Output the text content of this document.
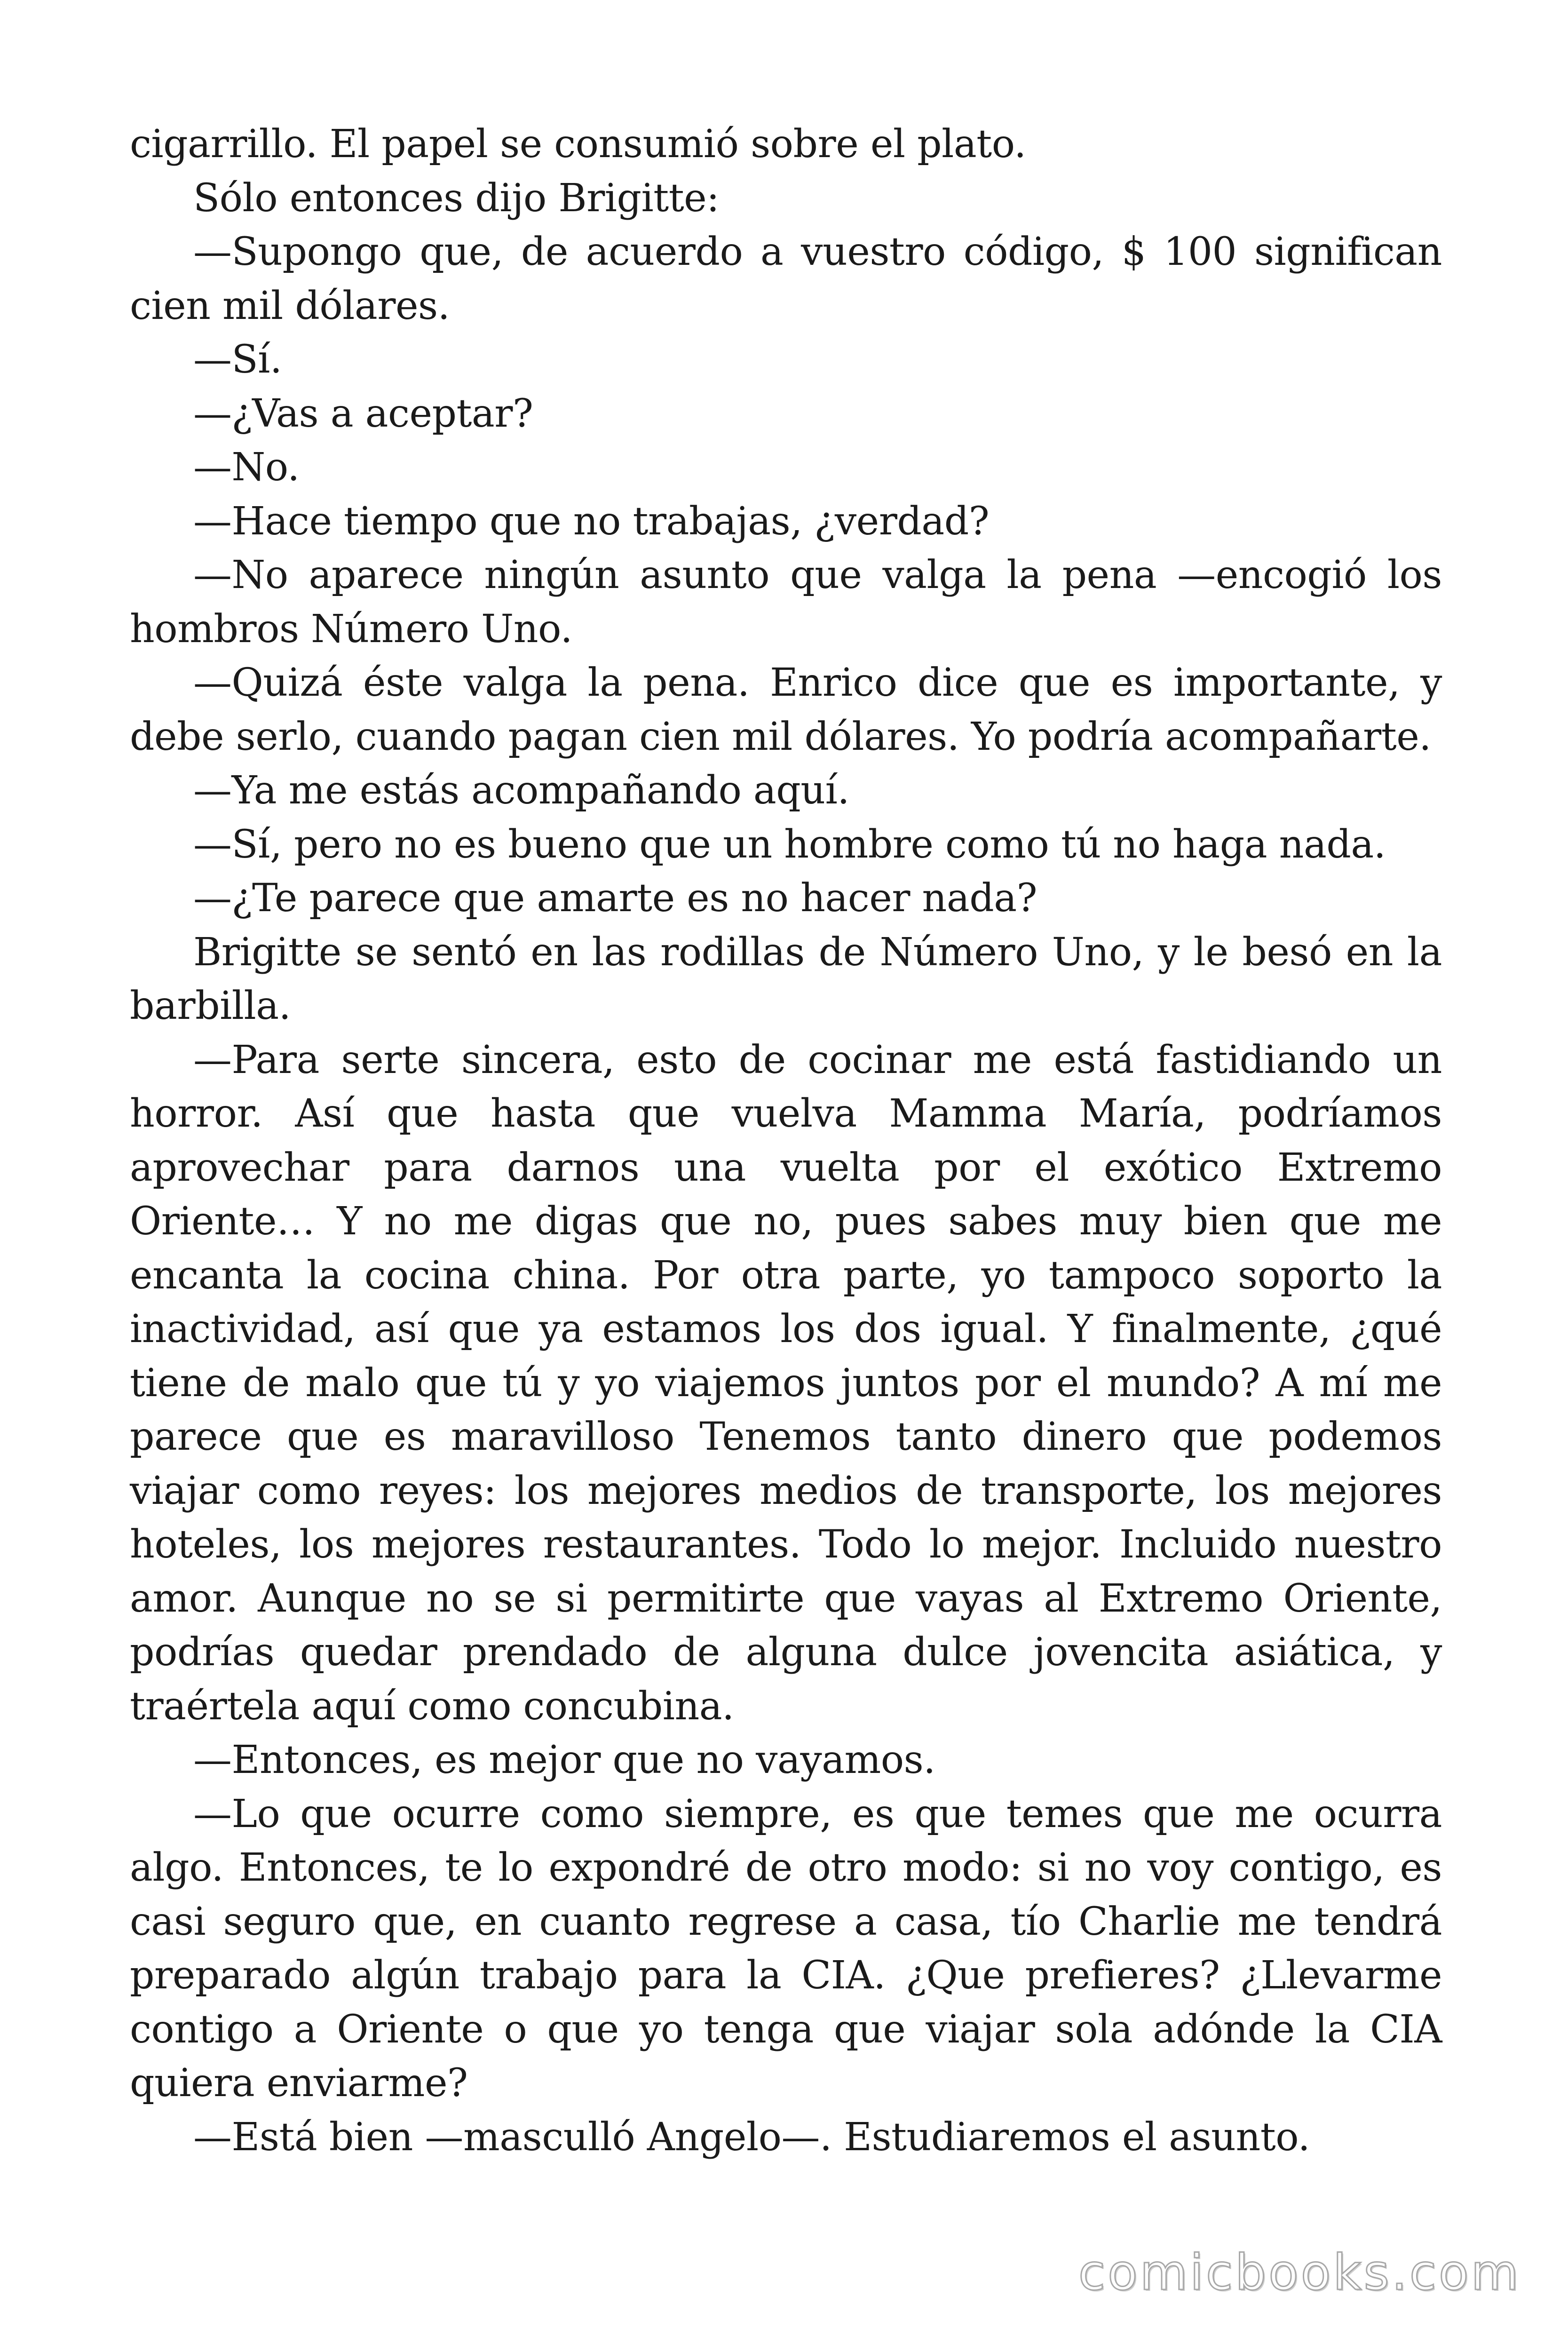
cigarrillo. El papel se consumió sobre el plato.

Sólo entonces dijo Brigitte:

—Supongo que, de acuerdo a vuestro código, $ 100 significan cien mil dólares.

—Sí.

—¿Vas a aceptar?

—No.

—Hace tiempo que no trabajas, ¿verdad?

—No aparece ningún asunto que valga la pena —encogió los hombros Número Uno.

—Quizá éste valga la pena. Enrico dice que es importante, y debe serlo, cuando pagan cien mil dólares. Yo podría acompañarte.

—Ya me estás acompañando aquí.

—Sí, pero no es bueno que un hombre como tú no haga nada.

—¿Te parece que amarte es no hacer nada?

Brigitte se sentó en las rodillas de Número Uno, y le besó en la barbilla.

—Para serte sincera, esto de cocinar me está fastidiando un horror. Así que hasta que vuelva Mamma María, podríamos aprovechar para darnos una vuelta por el exótico Extremo Oriente… Y no me digas que no, pues sabes muy bien que me encanta la cocina china. Por otra parte, yo tampoco soporto la inactividad, así que ya estamos los dos igual. Y finalmente, ¿qué tiene de malo que tú y yo viajemos juntos por el mundo? A mí me parece que es maravilloso Tenemos tanto dinero que podemos viajar como reyes: los mejores medios de transporte, los mejores hoteles, los mejores restaurantes. Todo lo mejor. Incluido nuestro amor. Aunque no se si permitirte que vayas al Extremo Oriente, podrías quedar prendado de alguna dulce jovencita asiática, y traértela aquí como concubina.

—Entonces, es mejor que no vayamos.

—Lo que ocurre como siempre, es que temes que me ocurra algo. Entonces, te lo expondré de otro modo: si no voy contigo, es casi seguro que, en cuanto regrese a casa, tío Charlie me tendrá preparado algún trabajo para la CIA. ¿Que prefieres? ¿Llevarme contigo a Oriente o que yo tenga que viajar sola adónde la CIA quiera enviarme?

—Está bien —masculló Angelo—. Estudiaremos el asunto.

comicbooks.com
